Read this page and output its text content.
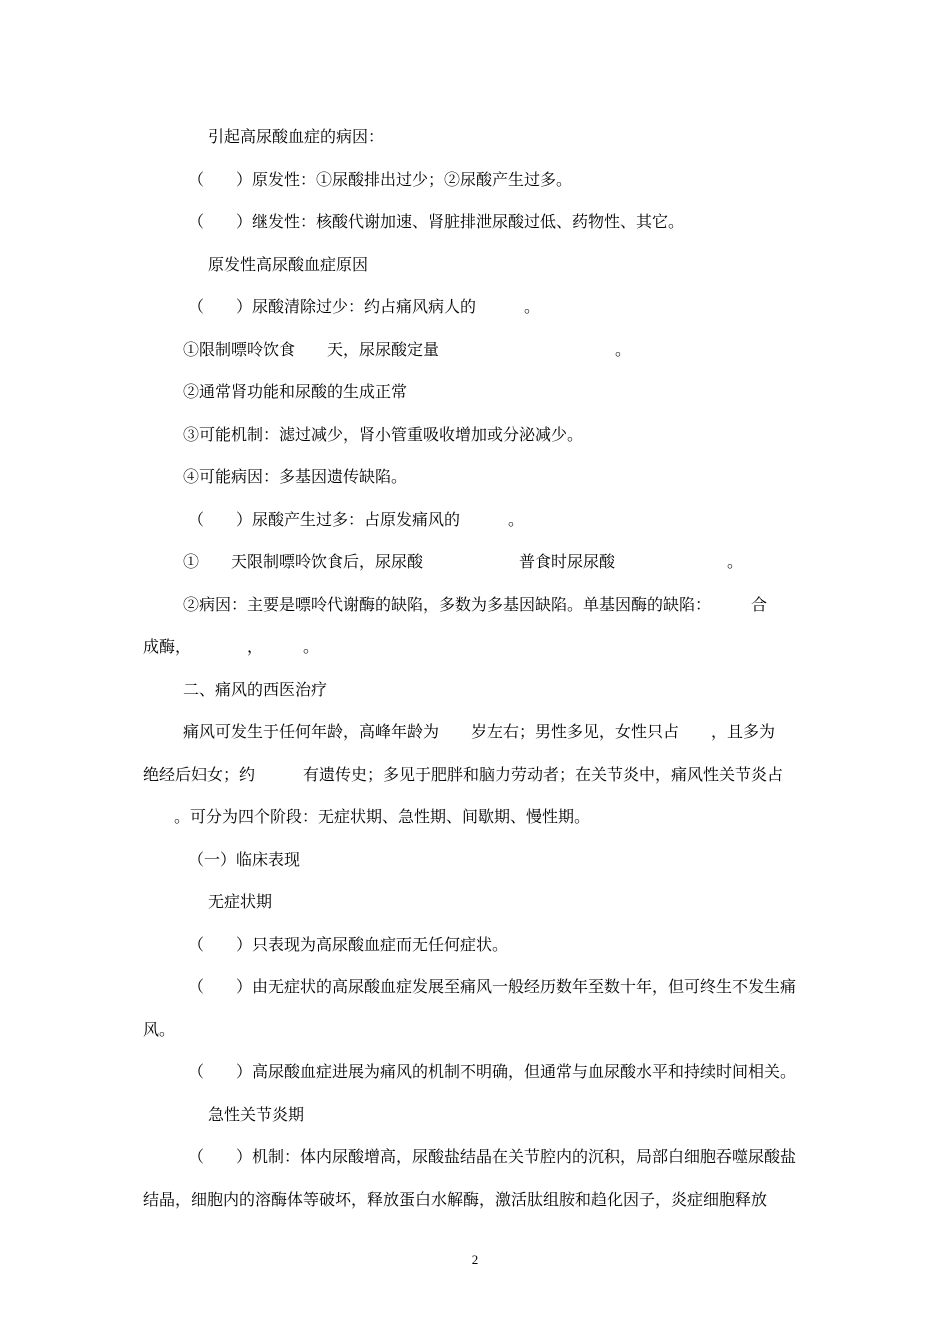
引起高尿酸血症的病因：
（　　）原发性：①尿酸排出过少；②尿酸产生过多。
（　　）继发性：核酸代谢加速、肾脏排泄尿酸过低、药物性、其它。
原发性高尿酸血症原因
（　　）尿酸清除过少：约占痛风病人的　　　。
①限制嘌呤饮食　　天，尿尿酸定量　　　　　　　　　　　。
②通常肾功能和尿酸的生成正常
③可能机制：滤过减少，肾小管重吸收增加或分泌减少。
④可能病因：多基因遗传缺陷。
（　　）尿酸产生过多：占原发痛风的　　　。
①　　天限制嘌呤饮食后，尿尿酸　　　　　　普食时尿尿酸　　　　　　　。
②病因：主要是嘌呤代谢酶的缺陷，多数为多基因缺陷。单基因酶的缺陷：　　　合
成酶，　　　　，　　　。
二、痛风的西医治疗
痛风可发生于任何年龄，高峰年龄为　　岁左右；男性多见，女性只占　　，且多为
绝经后妇女；约　　　有遗传史；多见于肥胖和脑力劳动者；在关节炎中，痛风性关节炎占
　。可分为四个阶段：无症状期、急性期、间歇期、慢性期。
（一）临床表现
无症状期
（　　）只表现为高尿酸血症而无任何症状。
（　　）由无症状的高尿酸血症发展至痛风一般经历数年至数十年，但可终生不发生痛
风。
（　　）高尿酸血症进展为痛风的机制不明确，但通常与血尿酸水平和持续时间相关。
急性关节炎期
（　　）机制：体内尿酸增高，尿酸盐结晶在关节腔内的沉积，局部白细胞吞噬尿酸盐
结晶，细胞内的溶酶体等破坏，释放蛋白水解酶，激活肽组胺和趋化因子，炎症细胞释放
2
